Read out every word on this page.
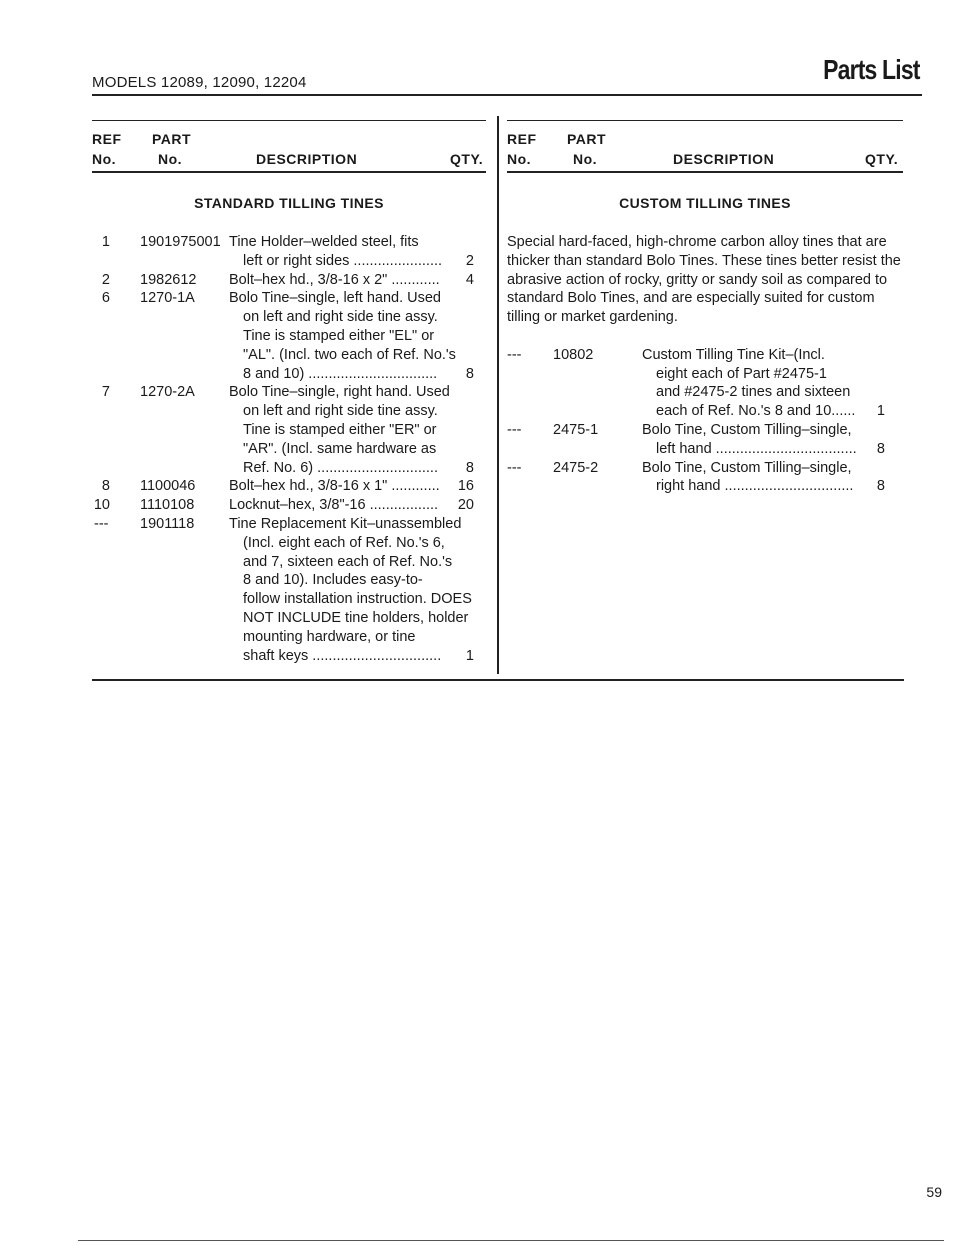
MODELS 12089, 12090, 12204	Parts List
REF
No.
PART
No.	DESCRIPTION	QTY.
STANDARD TILLING TINES
1 1901975001 Tine Holder–welded steel, fits
left or right sides ...................... 2
2 1982612 Bolt–hex hd., 3/8-16 x 2" ............ 4
6 1270-1A Bolo Tine–single, left hand. Used
on left and right side tine assy.
Tine is stamped either "EL" or
"AL". (Incl. two each of Ref. No.'s
8 and 10) ................................ 8
7 1270-2A Bolo Tine–single, right hand. Used
on left and right side tine assy.
Tine is stamped either "ER" or
"AR". (Incl. same hardware as
Ref. No. 6) .............................. 8
8 1100046 Bolt–hex hd., 3/8-16 x 1" ............ 16
10 1110108 Locknut–hex, 3/8"-16 ................. 20
--- 1901118 Tine Replacement Kit–unassembled
(Incl. eight each of Ref. No.'s 6,
and 7, sixteen each of Ref. No.'s
8 and 10). Includes easy-to-
follow installation instruction. DOES
NOT INCLUDE tine holders, holder
mounting hardware, or tine
shaft keys ................................ 1
REF
No.
PART
No.	DESCRIPTION	QTY.
CUSTOM TILLING TINES
Special hard-faced, high-chrome carbon alloy tines that are
thicker than standard Bolo Tines. These tines better resist the
abrasive action of rocky, gritty or sandy soil as compared to
standard Bolo Tines, and are especially suited for custom
tilling or market gardening.
--- 10802	Custom Tilling Tine Kit–(Incl.
eight each of Part #2475-1
and #2475-2 tines and sixteen
each of Ref. No.'s 8 and 10...... 1
--- 2475-1	Bolo Tine, Custom Tilling–single,
left hand ................................... 8
--- 2475-2	Bolo Tine, Custom Tilling–single,
right hand ................................ 8
59
